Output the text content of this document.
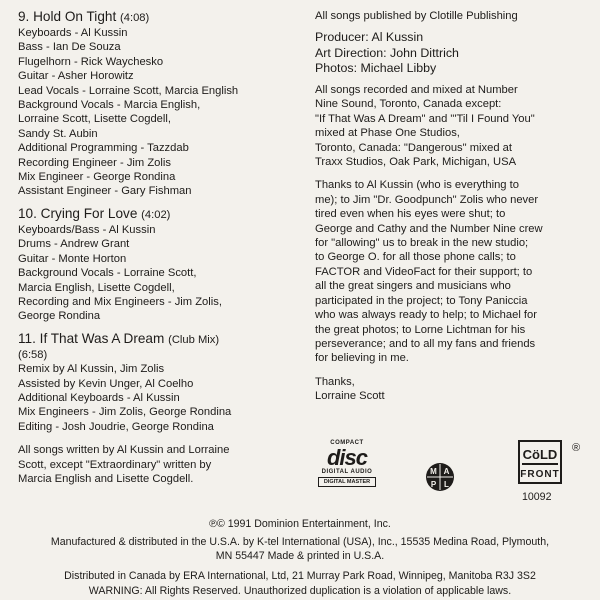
9. Hold On Tight (4:08)
Keyboards - Al Kussin
Bass - Ian De Souza
Flugelhorn - Rick Waychesko
Guitar - Asher Horowitz
Lead Vocals - Lorraine Scott, Marcia English
Background Vocals - Marcia English,
Lorraine Scott, Lisette Cogdell,
Sandy St. Aubin
Additional Programming - Tazzdab
Recording Engineer - Jim Zolis
Mix Engineer - George Rondina
Assistant Engineer - Gary Fishman
10. Crying For Love (4:02)
Keyboards/Bass - Al Kussin
Drums - Andrew Grant
Guitar - Monte Horton
Background Vocals - Lorraine Scott,
Marcia English, Lisette Cogdell,
Recording and Mix Engineers - Jim Zolis,
George Rondina
11. If That Was A Dream (Club Mix)
(6:58)
Remix by Al Kussin, Jim Zolis
Assisted by Kevin Unger, Al Coelho
Additional Keyboards - Al Kussin
Mix Engineers - Jim Zolis, George Rondina
Editing - Josh Joudrie, George Rondina
All songs written by Al Kussin and Lorraine
Scott, except "Extraordinary" written by
Marcia English and Lisette Cogdell.
All songs published by Clotille Publishing
Producer: Al Kussin
Art Direction: John Dittrich
Photos: Michael Libby
All songs recorded and mixed at Number
Nine Sound, Toronto, Canada except:
"If That Was A Dream" and "'Til I Found You"
mixed at Phase One Studios,
Toronto, Canada: "Dangerous" mixed at
Traxx Studios, Oak Park, Michigan, USA
Thanks to Al Kussin (who is everything to
me); to Jim "Dr. Goodpunch" Zolis who never
tired even when his eyes were shut; to
George and Cathy and the Number Nine crew
for "allowing" us to break in the new studio;
to George O. for all those phone calls; to
FACTOR and VideoFact for their support; to
all the great singers and musicians who
participated in the project; to Tony Paniccia
who was always ready to help; to Michael for
the great photos; to Lorne Lichtman for his
perseverance; and to all my fans and friends
for believing in me.
Thanks,
Lorraine Scott
COMPACT
disc
DIGITAL AUDIO
DIGITAL MASTER
M A
P L
CöLD
FRONT
®
10092
℗© 1991 Dominion Entertainment, Inc.
Manufactured & distributed in the U.S.A. by K-tel International (USA), Inc., 15535 Medina Road, Plymouth,
MN 55447 Made & printed in U.S.A.
Distributed in Canada by ERA International, Ltd, 21 Murray Park Road, Winnipeg, Manitoba R3J 3S2
WARNING: All Rights Reserved. Unauthorized duplication is a violation of applicable laws.
